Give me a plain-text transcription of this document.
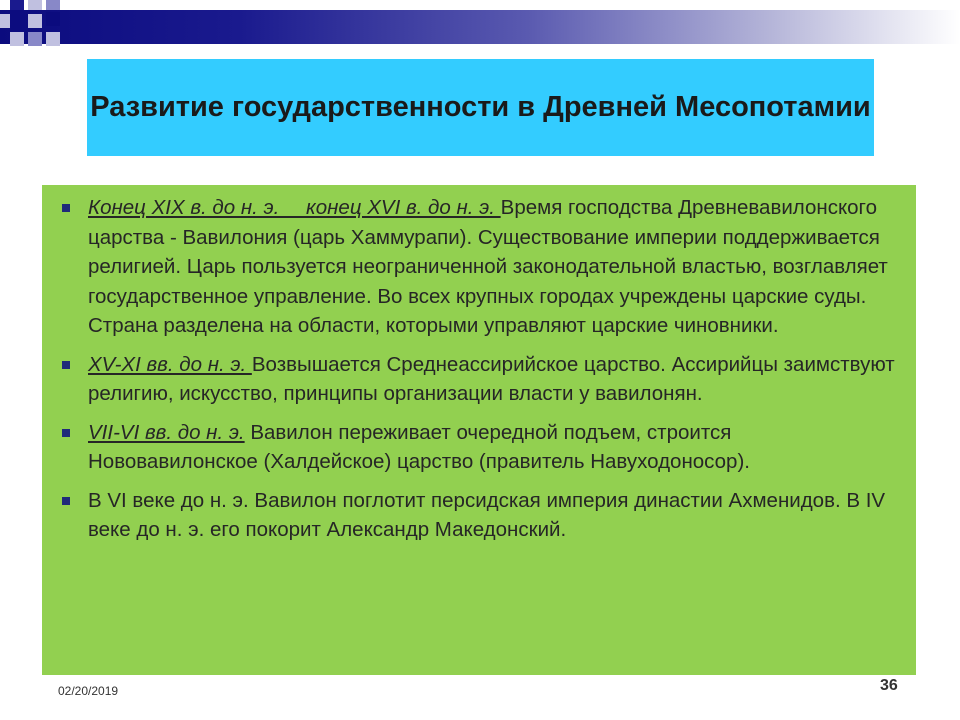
Развитие государственности в Древней Месопотамии
Конец XIX в. до н. э. конец XVI в. до н. э. Время господства Древневавилонского царства - Вавилония (царь Хаммурапи). Существование империи поддерживается религией. Царь пользуется неограниченной законодательной властью, возглавляет государственное управление. Во всех крупных городах учреждены царские суды. Страна разделена на области, которыми управляют царские чиновники.
XV-XI вв. до н. э. Возвышается Среднеассирийское царство. Ассирийцы заимствуют религию, искусство, принципы организации власти у вавилонян.
VII-VI вв. до н. э. Вавилон переживает очередной подъем, строится Нововавилонское (Халдейское) царство (правитель Навуходоносор).
В VI веке до н. э. Вавилон поглотит персидская империя династии Ахменидов. В IV веке до н. э. его покорит Александр Македонский.
02/20/2019	36
